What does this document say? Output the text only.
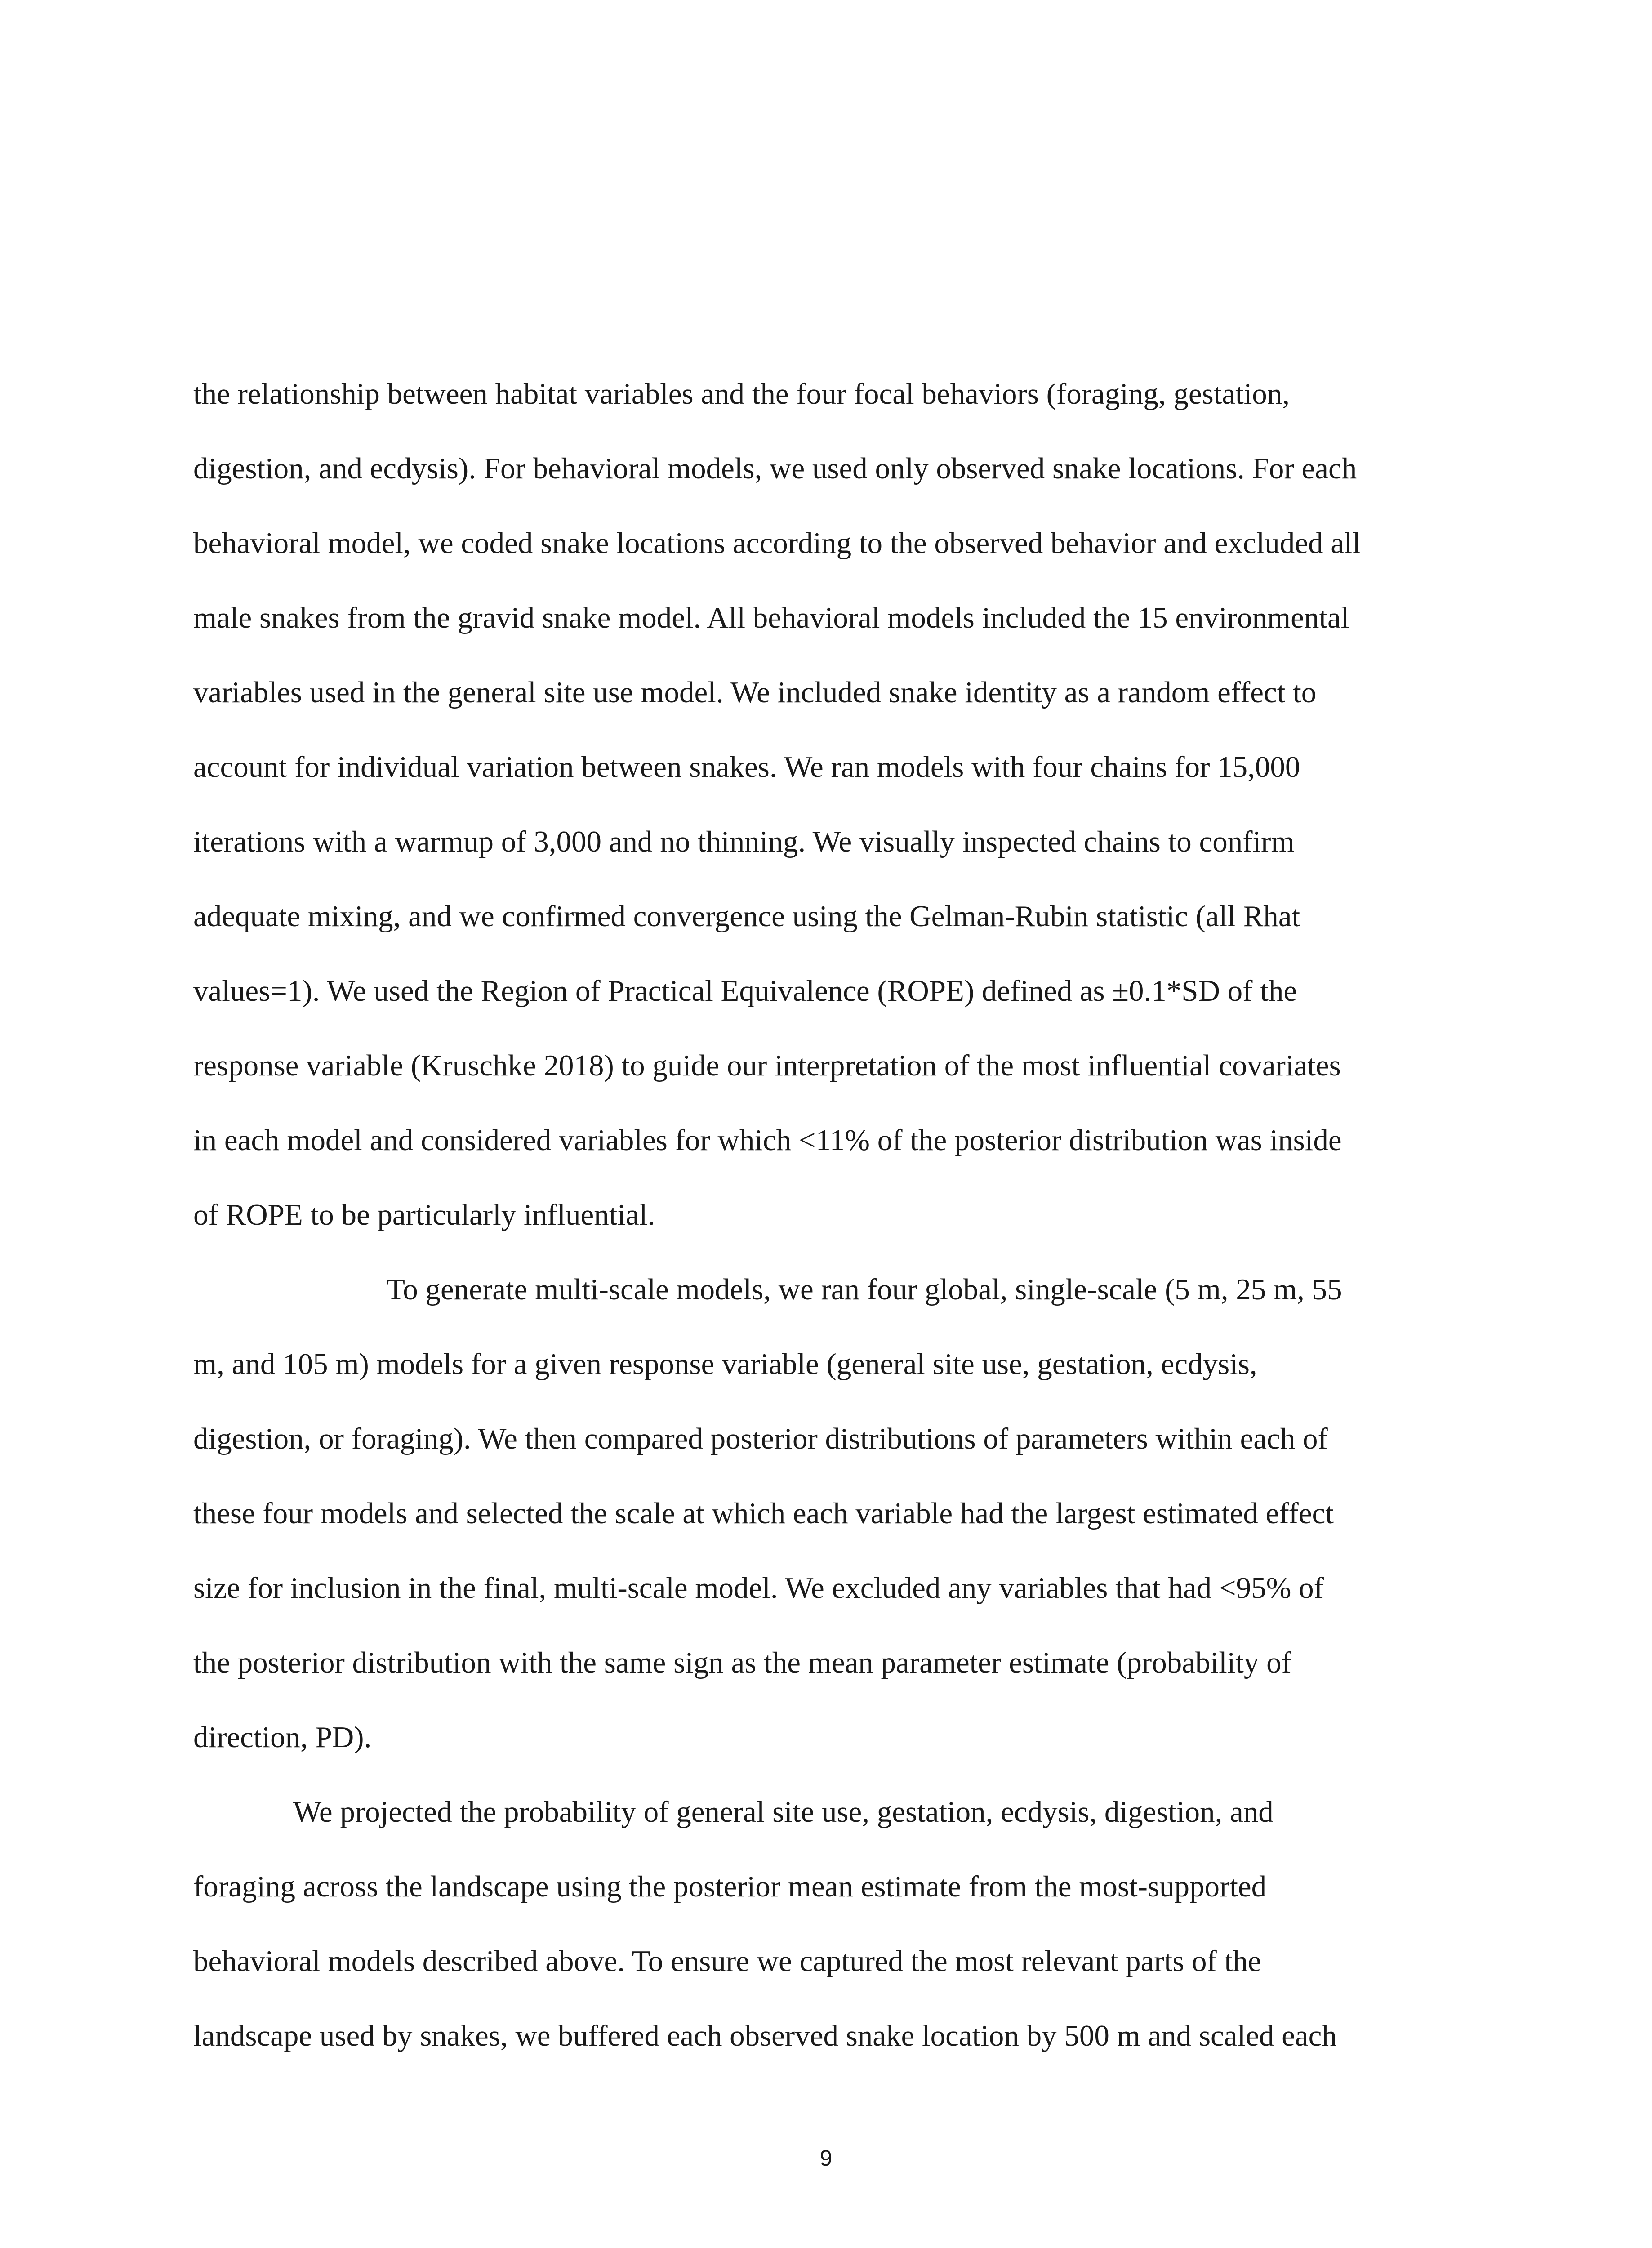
the relationship between habitat variables and the four focal behaviors (foraging, gestation,
digestion, and ecdysis). For behavioral models, we used only observed snake locations. For each
behavioral model, we coded snake locations according to the observed behavior and excluded all
male snakes from the gravid snake model. All behavioral models included the 15 environmental
variables used in the general site use model. We included snake identity as a random effect to
account for individual variation between snakes. We ran models with four chains for 15,000
iterations with a warmup of 3,000 and no thinning. We visually inspected chains to confirm
adequate mixing, and we confirmed convergence using the Gelman-Rubin statistic (all Rhat
values=1). We used the Region of Practical Equivalence (ROPE) defined as ±0.1*SD of the
response variable (Kruschke 2018) to guide our interpretation of the most influential covariates
in each model and considered variables for which <11% of the posterior distribution was inside
of ROPE to be particularly influential.
To generate multi-scale models, we ran four global, single-scale (5 m, 25 m, 55
m, and 105 m) models for a given response variable (general site use, gestation, ecdysis,
digestion, or foraging). We then compared posterior distributions of parameters within each of
these four models and selected the scale at which each variable had the largest estimated effect
size for inclusion in the final, multi-scale model. We excluded any variables that had <95% of
the posterior distribution with the same sign as the mean parameter estimate (probability of
direction, PD).
We projected the probability of general site use, gestation, ecdysis, digestion, and
foraging across the landscape using the posterior mean estimate from the most-supported
behavioral models described above. To ensure we captured the most relevant parts of the
landscape used by snakes, we buffered each observed snake location by 500 m and scaled each
9
